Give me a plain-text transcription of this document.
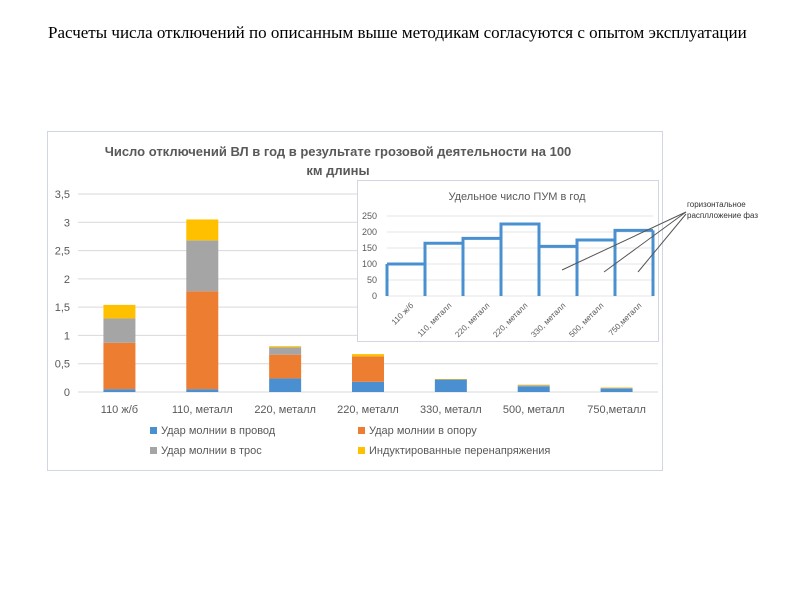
Расчеты числа отключений по описанным выше методикам согласуются с опытом эксплуатации
0
0,5
1
1,5
2
2,5
3
3,5
110 ж/б	110, металл 220, металл 220, металл 330, металл 500, металл 750,металл
Число отключений ВЛ в год в результате грозовой деятельности на 100
км длины
Удар молнии в провод	Удар молнии в опору
Удар молнии в трос	Индуктированные перенапряжения
Удельное число ПУМ в год
0
50
100
150
200
250
110 ж/б 110, металл 220, металл 220, металл 330, металл 500, металл 750,металл
горизонтальное
расплложение фаз
